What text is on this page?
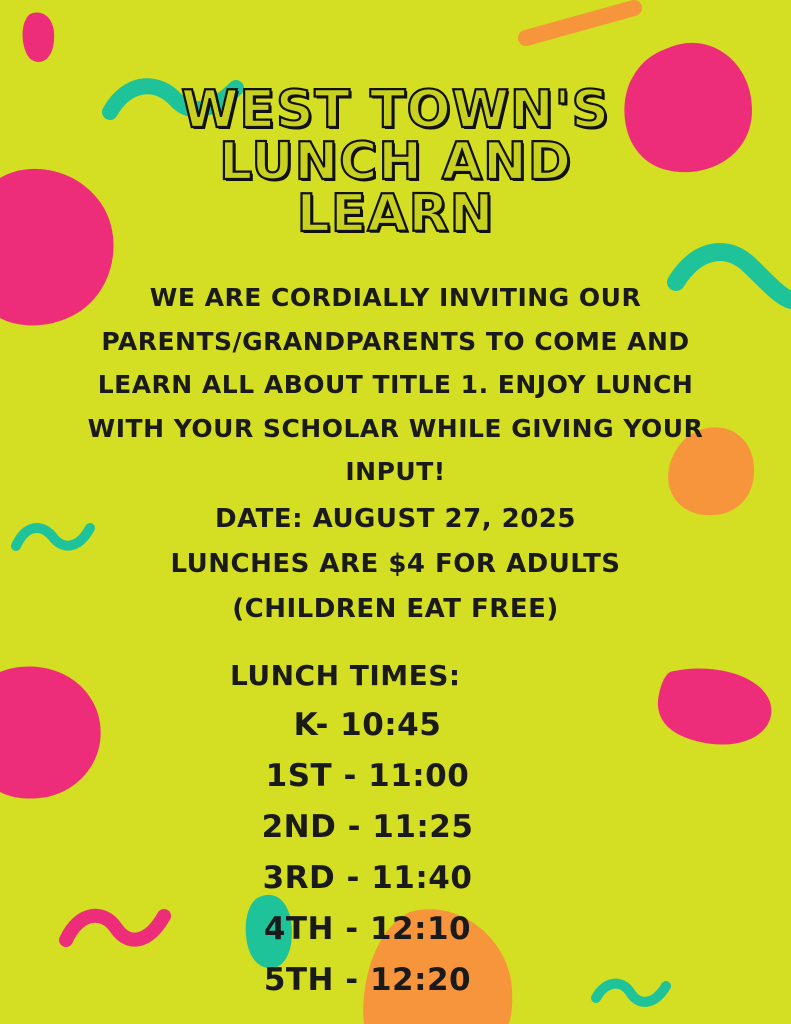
WEST TOWN'S
LUNCH AND
LEARN
WE ARE CORDIALLY INVITING OUR PARENTS/GRANDPARENTS TO COME AND LEARN ALL ABOUT TITLE 1. ENJOY LUNCH WITH YOUR SCHOLAR WHILE GIVING YOUR INPUT!
DATE: AUGUST 27, 2025
LUNCHES ARE $4 FOR ADULTS
(CHILDREN EAT FREE)
LUNCH TIMES:
K- 10:45
1ST - 11:00
2ND - 11:25
3RD - 11:40
4TH - 12:10
5TH - 12:20
